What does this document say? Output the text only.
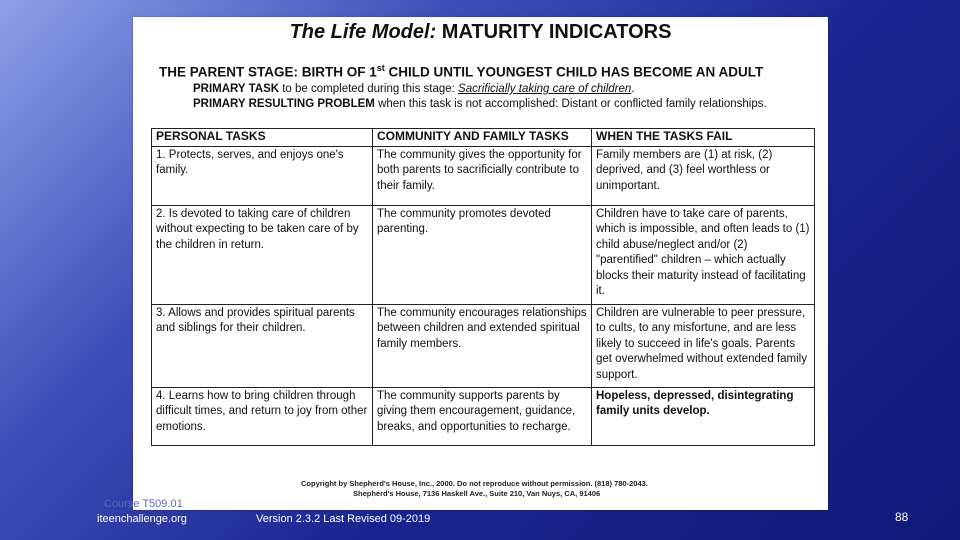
The Life Model: MATURITY INDICATORS
THE PARENT STAGE: BIRTH OF 1st CHILD UNTIL YOUNGEST CHILD HAS BECOME AN ADULT
PRIMARY TASK to be completed during this stage: Sacrificially taking care of children.
PRIMARY RESULTING PROBLEM when this task is not accomplished: Distant or conflicted family relationships.
PERSONAL TASKS	COMMUNITY AND FAMILY TASKS	WHEN THE TASKS FAIL
1. Protects, serves, and enjoys one's family.	The community gives the opportunity for both parents to sacrificially contribute to their family.	Family members are (1) at risk, (2) deprived, and (3) feel worthless or unimportant.
2. Is devoted to taking care of children without expecting to be taken care of by the children in return.	The community promotes devoted parenting.	Children have to take care of parents, which is impossible, and often leads to (1) child abuse/neglect and/or (2) "parentified" children – which actually blocks their maturity instead of facilitating it.
3. Allows and provides spiritual parents and siblings for their children.	The community encourages relationships between children and extended spiritual family members.	Children are vulnerable to peer pressure, to cults, to any misfortune, and are less likely to succeed in life's goals. Parents get overwhelmed without extended family support.
4. Learns how to bring children through difficult times, and return to joy from other emotions.	The community supports parents by giving them encouragement, guidance, breaks, and opportunities to recharge.	Hopeless, depressed, disintegrating family units develop.
Copyright by Shepherd's House, Inc., 2000. Do not reproduce without permission. (818) 780-2043.
Shepherd's House, 7136 Haskell Ave., Suite 210, Van Nuys, CA, 91406
Course T509.01
iteenchallenge.org	Version 2.3.2 Last Revised 09-2019	88
